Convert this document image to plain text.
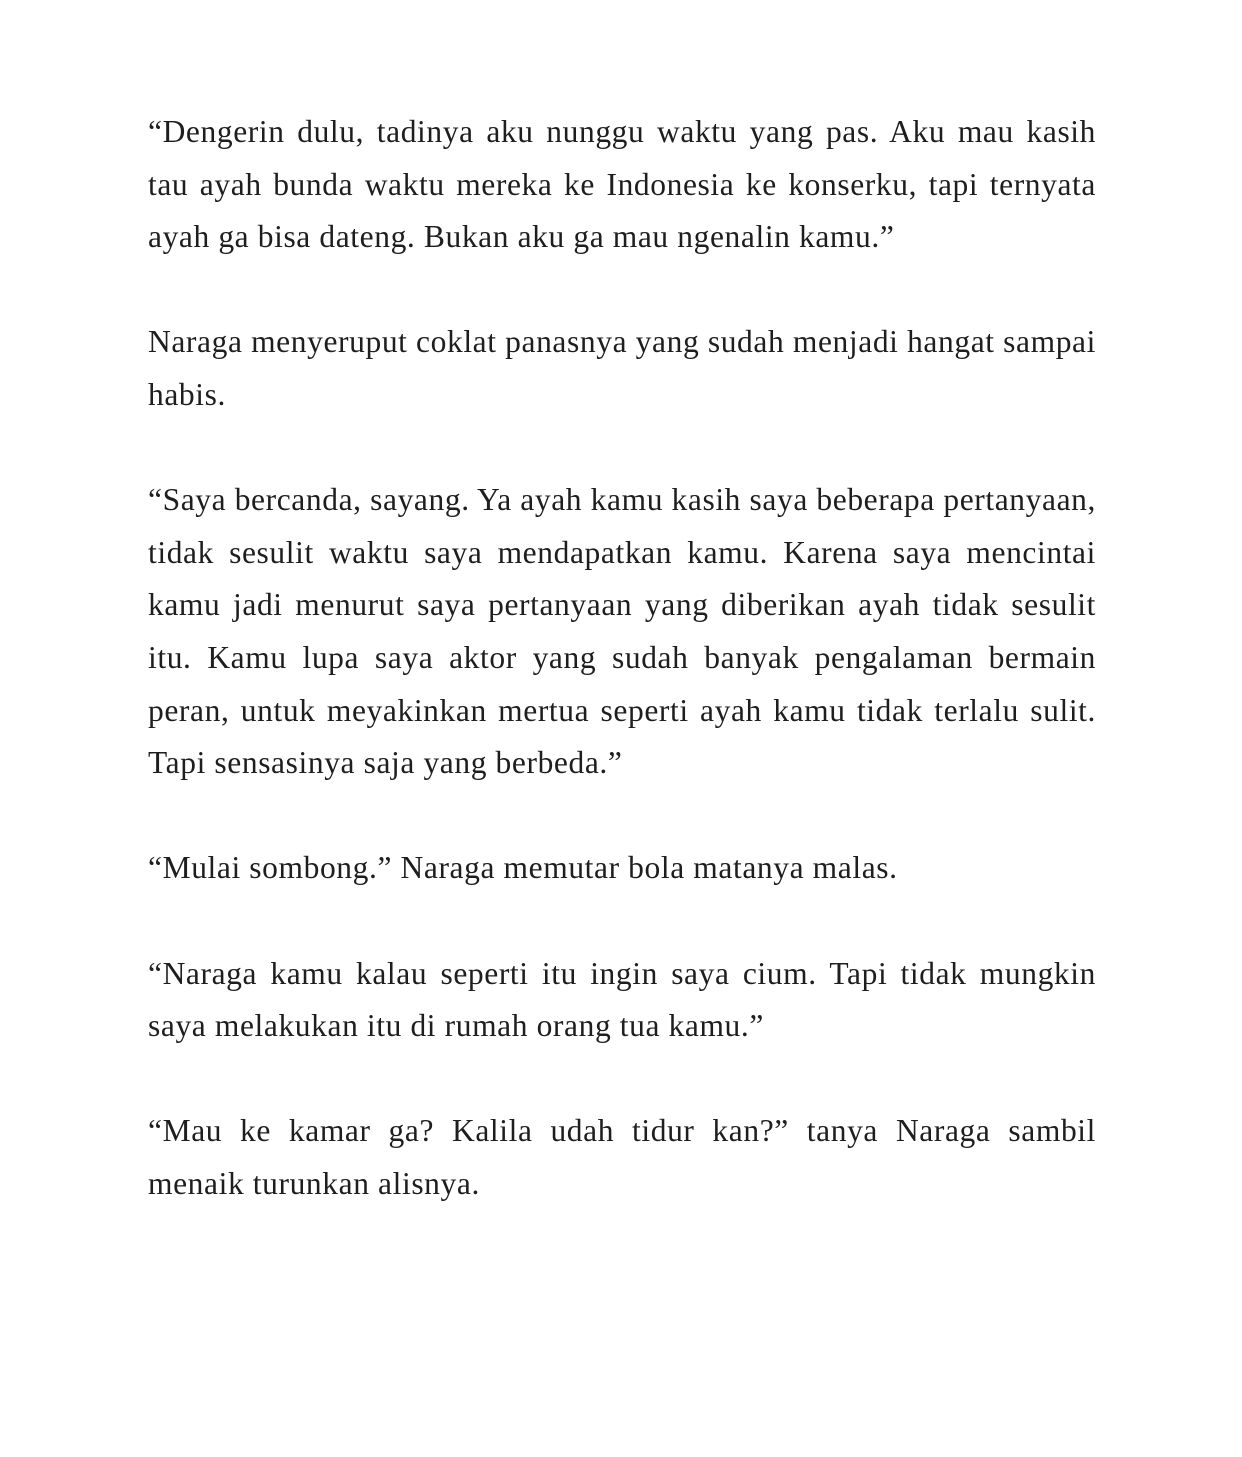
“Dengerin dulu, tadinya aku nunggu waktu yang pas. Aku mau kasih tau ayah bunda waktu mereka ke Indonesia ke konserku, tapi ternyata ayah ga bisa dateng. Bukan aku ga mau ngenalin kamu.”

Naraga menyeruput coklat panasnya yang sudah menjadi hangat sampai habis.

“Saya bercanda, sayang. Ya ayah kamu kasih saya beberapa pertanyaan, tidak sesulit waktu saya mendapatkan kamu. Karena saya mencintai kamu jadi menurut saya pertanyaan yang diberikan ayah tidak sesulit itu. Kamu lupa saya aktor yang sudah banyak pengalaman bermain peran, untuk meyakinkan mertua seperti ayah kamu tidak terlalu sulit. Tapi sensasinya saja yang berbeda.”

“Mulai sombong.” Naraga memutar bola matanya malas.

“Naraga kamu kalau seperti itu ingin saya cium. Tapi tidak mungkin saya melakukan itu di rumah orang tua kamu.”

“Mau ke kamar ga? Kalila udah tidur kan?” tanya Naraga sambil menaik turunkan alisnya.
